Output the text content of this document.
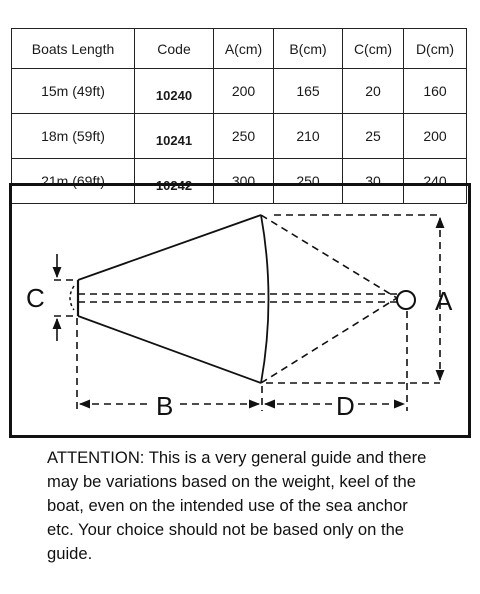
Boats Length	Code	A(cm)	B(cm)	C(cm)	D(cm)
15m (49ft)	10240	200	165	20	160
18m (59ft)	10241	250	210	25	200
21m (69ft)	10242	300	250	30	240
C	A
B	D

ATTENTION: This is a very general guide and there may be variations based on the weight, keel of the boat, even on the intended use of the sea anchor etc. Your choice should not be based only on the guide.
